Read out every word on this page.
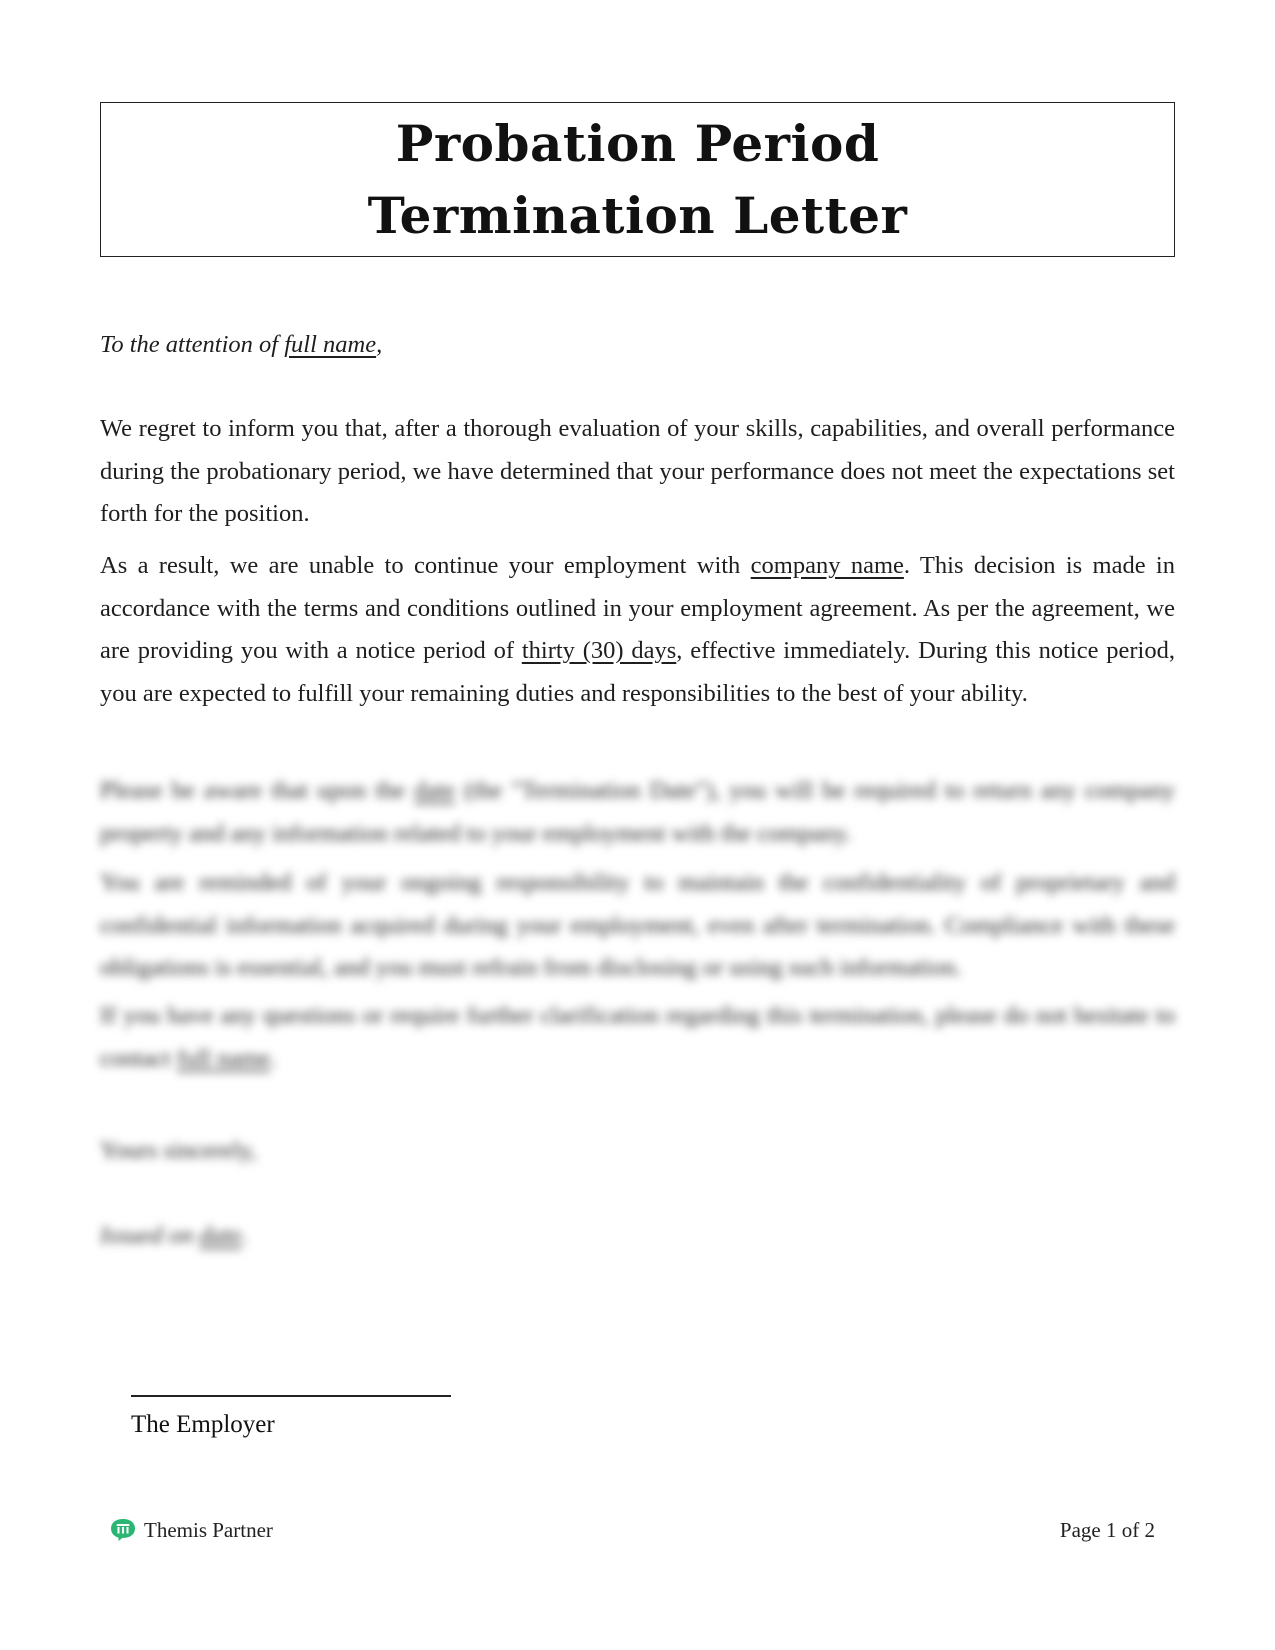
Probation Period
Termination Letter
To the attention of full name,

We regret to inform you that, after a thorough evaluation of your skills, capabilities, and overall performance during the probationary period, we have determined that your performance does not meet the expectations set forth for the position.

As a result, we are unable to continue your employment with company name. This decision is made in accordance with the terms and conditions outlined in your employment agreement. As per the agreement, we are providing you with a notice period of thirty (30) days, effective immediately. During this notice period, you are expected to fulfill your remaining duties and responsibilities to the best of your ability.

Please be aware that upon the date (the "Termination Date"), you will be required to return any company property and any information related to your employment with the company.

You are reminded of your ongoing responsibility to maintain the confidentiality of proprietary and confidential information acquired during your employment, even after termination. Compliance with these obligations is essential, and you must refrain from disclosing or using such information.

If you have any questions or require further clarification regarding this termination, please do not hesitate to contact full name.

Yours sincerely,

Issued on date.

The Employer
Themis Partner	Page 1 of 2
